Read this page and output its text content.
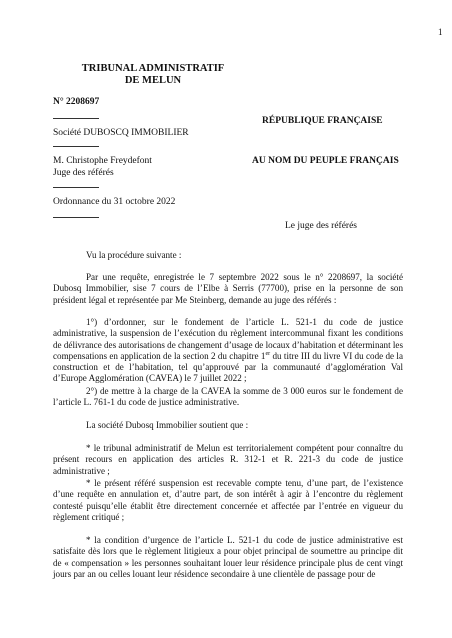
1
TRIBUNAL ADMINISTRATIF
DE MELUN
N° 2208697
RÉPUBLIQUE FRANÇAISE
Société DUBOSCQ IMMOBILIER
AU NOM DU PEUPLE FRANÇAIS
M. Christophe Freydefont
Juge des référés
Ordonnance du 31 octobre 2022
Le juge des référés
Vu la procédure suivante :
Par une requête, enregistrée le 7 septembre 2022 sous le n° 2208697, la société Dubosq Immobilier, sise 7 cours de l’Elbe à Serris (77700), prise en la personne de son président légal et représentée par Me Steinberg, demande au juge des référés :
1°) d’ordonner, sur le fondement de l’article L. 521-1 du code de justice administrative, la suspension de l’exécution du règlement intercommunal fixant les conditions de délivrance des autorisations de changement d’usage de locaux d’habitation et déterminant les compensations en application de la section 2 du chapitre 1er du titre III du livre VI du code de la construction et de l’habitation, tel qu’approuvé par la communauté d’agglomération Val d’Europe Agglomération (CAVEA) le 7 juillet 2022 ;
2°) de mettre à la charge de la CAVEA la somme de 3 000 euros sur le fondement de l’article L. 761-1 du code de justice administrative.
La société Dubosq Immobilier soutient que :
* le tribunal administratif de Melun est territorialement compétent pour connaître du présent recours en application des articles R. 312-1 et R. 221-3 du code de justice administrative ;
* le présent référé suspension est recevable compte tenu, d’une part, de l’existence d’une requête en annulation et, d’autre part, de son intérêt à agir à l’encontre du règlement contesté puisqu’elle établit être directement concernée et affectée par l’entrée en vigueur du règlement critiqué ;
* la condition d’urgence de l’article L. 521-1 du code de justice administrative est satisfaite dès lors que le règlement litigieux a pour objet principal de soumettre au principe dit de « compensation » les personnes souhaitant louer leur résidence principale plus de cent vingt jours par an ou celles louant leur résidence secondaire à une clientèle de passage pour de
